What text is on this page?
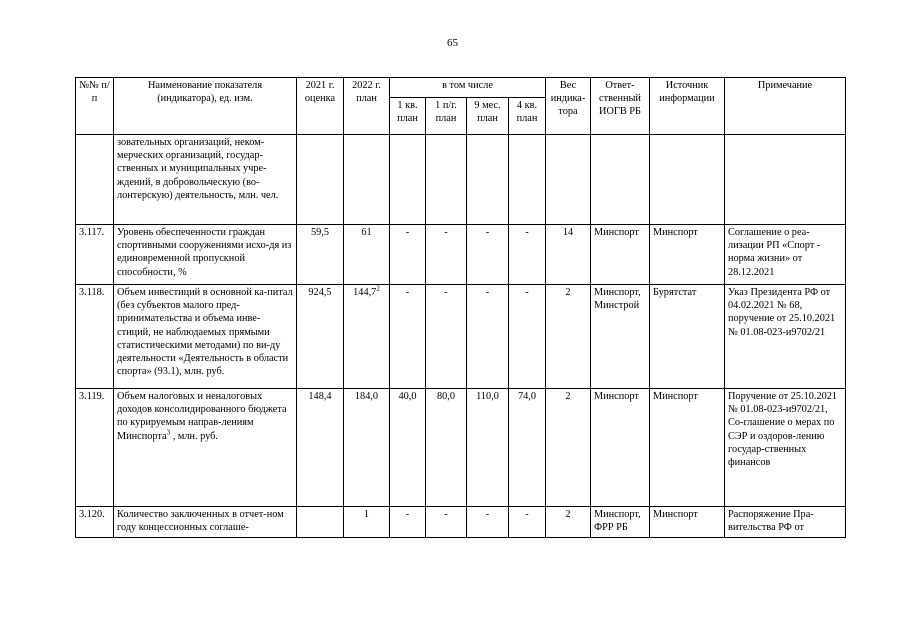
65
№№ п/п	Наименование показателя (индикатора), ед. изм.	2021 г. оценка	2022 г. план	в том числе				Вес индика-тора	Ответ-ственный ИОГВ РБ	Источник информации	Примечание
				1 кв. план	1 п/г. план	9 мес. план	4 кв. план				
	зовательных организаций, неком-мерческих организаций, государ-ственных и муниципальных учре-ждений, в добровольческую (во-лонтерскую) деятельность, млн. чел.										
3.117.	Уровень обеспеченности граждан спортивными сооружениями исхо-дя из единовременной пропускной способности, %	59,5	61	-	-	-	-	14	Минспорт	Минспорт	Соглашение о реа-лизации РП «Спорт - норма жизни» от 28.12.2021
3.118.	Объем инвестиций в основной ка-питал (без субъектов малого пред-принимательства и объема инве-стиций, не наблюдаемых прямыми статистическими методами) по ви-ду деятельности «Деятельность в области спорта» (93.1), млн. руб.	924,5	144,7$^2$	-	-	-	-	2	Минспорт, Минстрой	Бурятстат	Указ Президента РФ от 04.02.2021 № 68, поручение от 25.10.2021 № 01.08-023-и9702/21
3.119.	Объем налоговых и неналоговых доходов консолидированного бюджета по курируемым направ-лениям Минспорта$^3$ , млн. руб.	148,4	184,0	40,0	80,0	110,0	74,0	2	Минспорт	Минспорт	Поручение от 25.10.2021 № 01.08-023-и9702/21, Со-глашение о мерах по СЭР и оздоров-лению государ-ственных финансов
3.120.	Количество заключенных в отчет-ном году концессионных соглаше-		1	-	-	-	-	2	Минспорт, ФРР РБ	Минспорт	Распоряжение Пра-вительства РФ от
